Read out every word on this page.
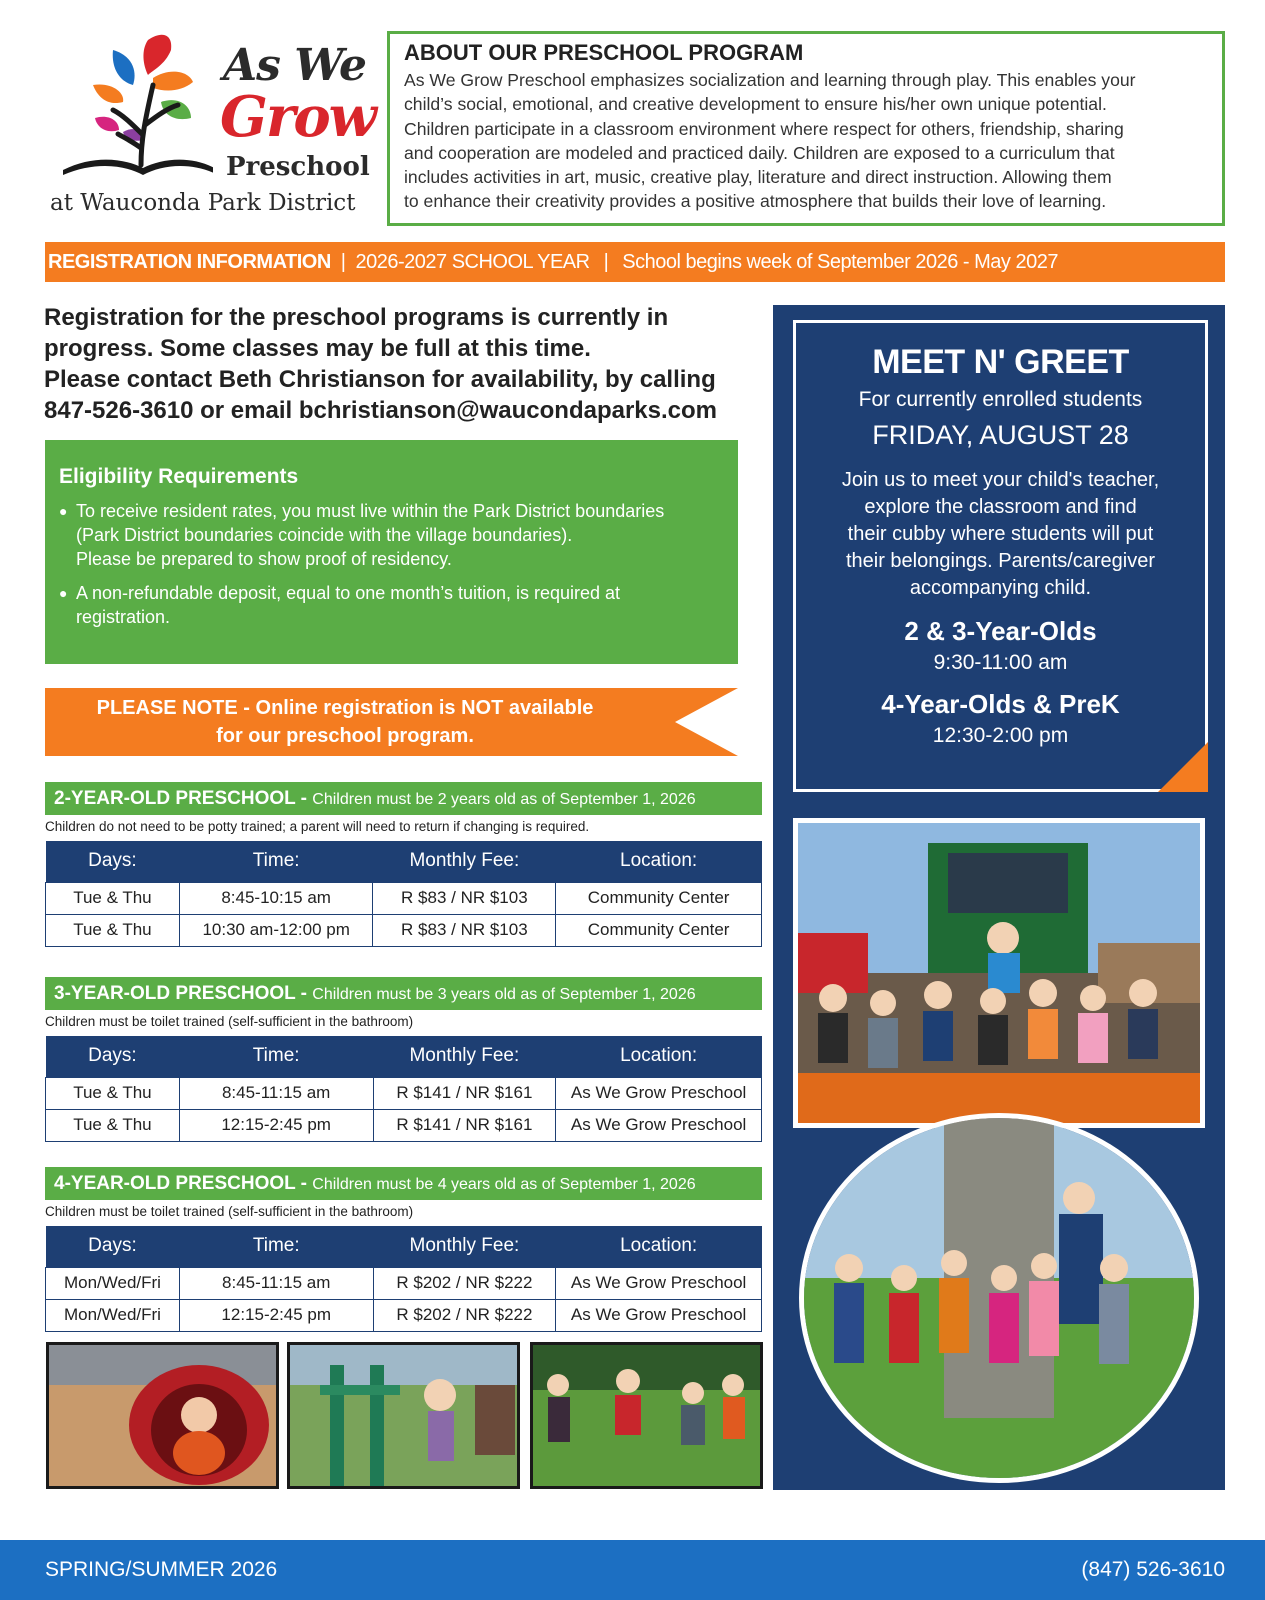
As We
Grow
Preschool
at Wauconda Park District
ABOUT OUR PRESCHOOL PROGRAM

As We Grow Preschool emphasizes socialization and learning through play. This enables your
child’s social, emotional, and creative development to ensure his/her own unique potential.
Children participate in a classroom environment where respect for others, friendship, sharing
and cooperation are modeled and practiced daily. Children are exposed to a curriculum that
includes activities in art, music, creative play, literature and direct instruction. Allowing them
to enhance their creativity provides a positive atmosphere that builds their love of learning.

REGISTRATION INFORMATION | 2026-2027 SCHOOL YEAR | School begins week of September 2026 - May 2027
Registration for the preschool programs is currently in
progress. Some classes may be full at this time.
Please contact Beth Christianson for availability, by calling
847-526-3610 or email bchristianson@waucondaparks.com
Eligibility Requirements
● To receive resident rates, you must live within the Park District boundaries
(Park District boundaries coincide with the village boundaries).
Please be prepared to show proof of residency.
● A non-refundable deposit, equal to one month’s tuition, is required at
registration.
PLEASE NOTE - Online registration is NOT available
for our preschool program.
2-YEAR-OLD PRESCHOOL - Children must be 2 years old as of September 1, 2026
Children do not need to be potty trained; a parent will need to return if changing is required.
Days:	Time:	Monthly Fee:	Location:
Tue & Thu	8:45-10:15 am	R $83 / NR $103	Community Center
Tue & Thu	10:30 am-12:00 pm	R $83 / NR $103	Community Center
3-YEAR-OLD PRESCHOOL - Children must be 3 years old as of September 1, 2026
Children must be toilet trained (self-sufficient in the bathroom)
Days:	Time:	Monthly Fee:	Location:
Tue & Thu	8:45-11:15 am	R $141 / NR $161	As We Grow Preschool
Tue & Thu	12:15-2:45 pm	R $141 / NR $161	As We Grow Preschool
4-YEAR-OLD PRESCHOOL - Children must be 4 years old as of September 1, 2026
Children must be toilet trained (self-sufficient in the bathroom)
Days:	Time:	Monthly Fee:	Location:
Mon/Wed/Fri	8:45-11:15 am	R $202 / NR $222	As We Grow Preschool
Mon/Wed/Fri	12:15-2:45 pm	R $202 / NR $222	As We Grow Preschool
MEET N' GREET
For currently enrolled students
FRIDAY, AUGUST 28
Join us to meet your child's teacher,
explore the classroom and find
their cubby where students will put
their belongings. Parents/caregiver
accompanying child.
2 & 3-Year-Olds
9:30-11:00 am
4-Year-Olds & PreK
12:30-2:00 pm
SPRING/SUMMER 2026	(847) 526-3610
